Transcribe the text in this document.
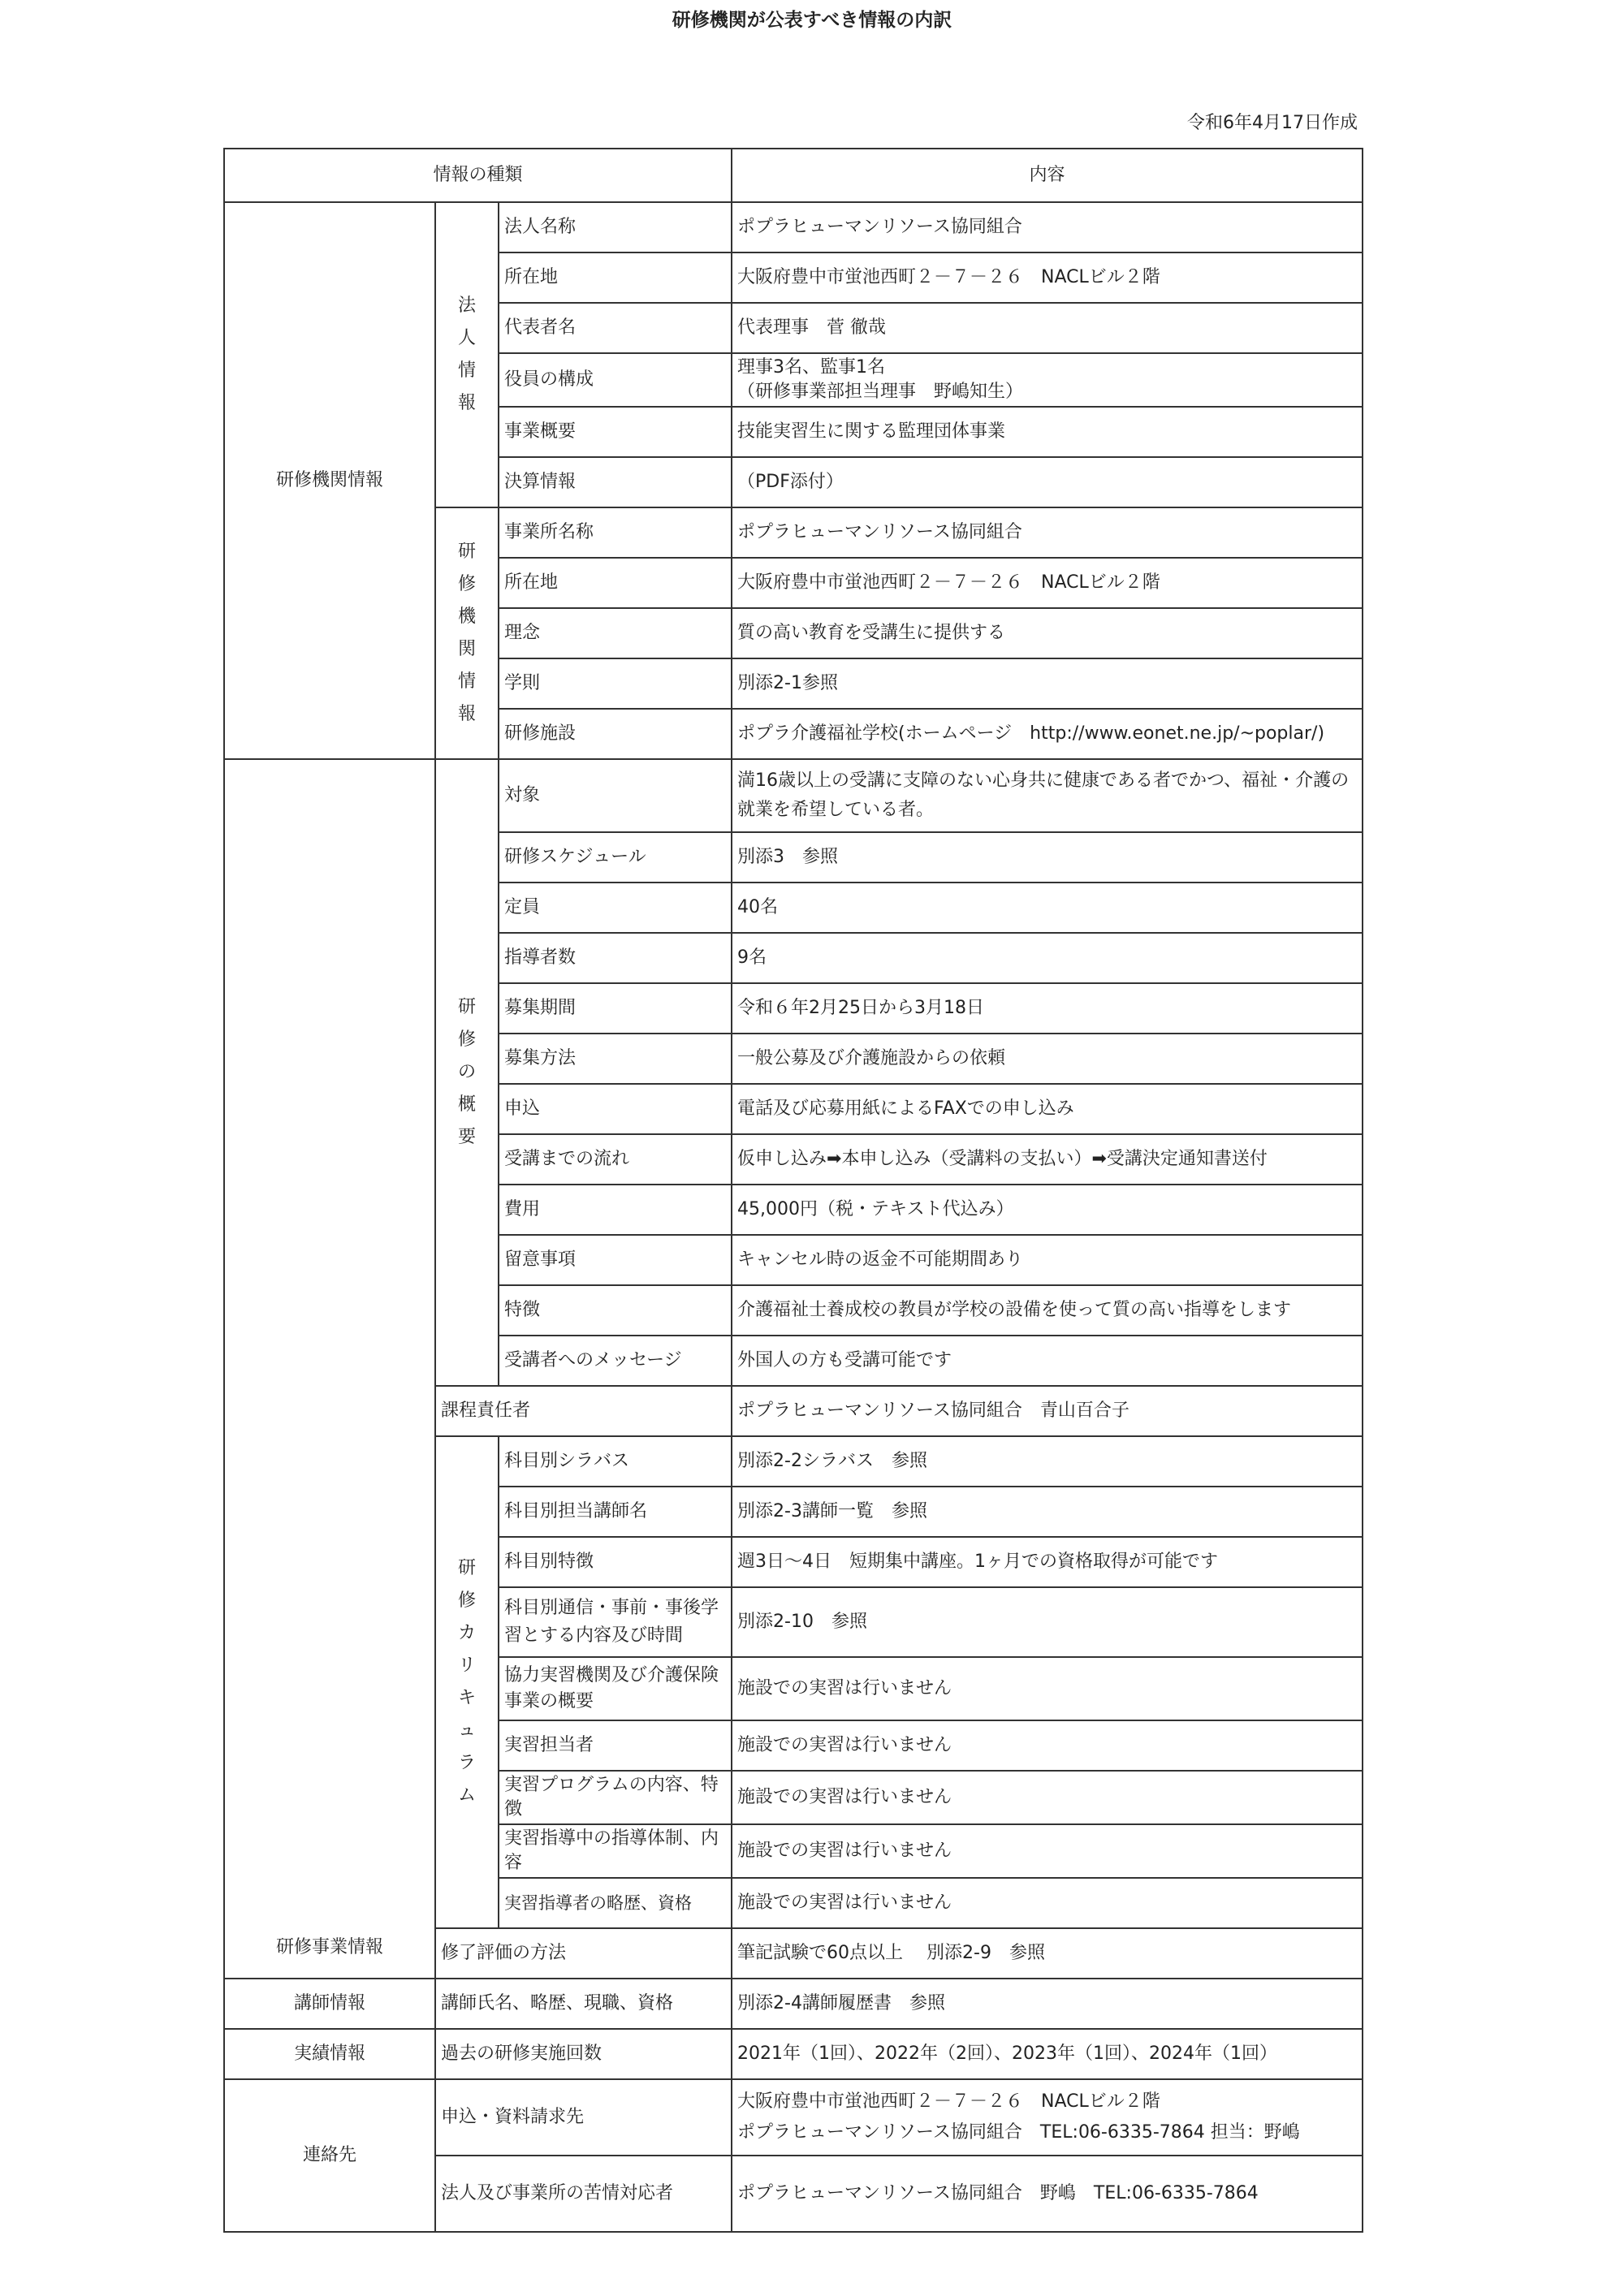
研修機関が公表すべき情報の内訳
令和6年4月17日作成
情報の種類			内容
研修機関情報	法人情報	法人名称	ポプラヒューマンリソース協同組合
		所在地	大阪府豊中市蛍池西町２－７－２６　NACLビル２階
		代表者名	代表理事　菅 徹哉
		役員の構成	理事3名、監事1名
（研修事業部担当理事　野嶋知生）

		事業概要	技能実習生に関する監理団体事業
		決算情報	（PDF添付）
	研修機関情報	事業所名称	ポプラヒューマンリソース協同組合
		所在地	大阪府豊中市蛍池西町２－７－２６　NACLビル２階
		理念	質の高い教育を受講生に提供する
		学則	別添2-1参照
		研修施設	ポプラ介護福祉学校(ホームページ　http://www.eonet.ne.jp/~poplar/)
研修事業情報	研修の概要	対象	満16歳以上の受講に支障のない心身共に健康である者でかつ、福祉・介護の就業を希望している者。
		研修スケジュール	別添3　参照
		定員	40名
		指導者数	9名
		募集期間	令和６年2月25日から3月18日
		募集方法	一般公募及び介護施設からの依頼
		申込	電話及び応募用紙によるFAXでの申し込み
		受講までの流れ	仮申し込み➡本申し込み（受講料の支払い）➡受講決定通知書送付
		費用	45,000円（税・テキスト代込み）
		留意事項	キャンセル時の返金不可能期間あり
		特徴	介護福祉士養成校の教員が学校の設備を使って質の高い指導をします
		受講者へのメッセージ	外国人の方も受講可能です
	課程責任者		ポプラヒューマンリソース協同組合　青山百合子
	研修カリキュラム	科目別シラバス	別添2-2シラバス　参照
		科目別担当講師名	別添2-3講師一覧　参照
		科目別特徴	週3日～4日　短期集中講座。1ヶ月での資格取得が可能です
		科目別通信・事前・事後学習とする内容及び時間	別添2-10　参照
		協力実習機関及び介護保険事業の概要	施設での実習は行いません
		実習担当者	施設での実習は行いません
		実習プログラムの内容、特徴	施設での実習は行いません
		実習指導中の指導体制、内容	施設での実習は行いません
		実習指導者の略歴、資格	施設での実習は行いません
	修了評価の方法		筆記試験で60点以上　 別添2-9　参照
講師情報	講師氏名、略歴、現職、資格		別添2-4講師履歴書　参照
実績情報	過去の研修実施回数		2021年（1回）、2022年（2回）、2023年（1回）、2024年（1回）
連絡先	申込・資料請求先		大阪府豊中市蛍池西町２－７－２６　NACLビル２階
ポプラヒューマンリソース協同組合　TEL:06-6335-7864 担当：野嶋

	法人及び事業所の苦情対応者		ポプラヒューマンリソース協同組合　野嶋　TEL:06-6335-7864
